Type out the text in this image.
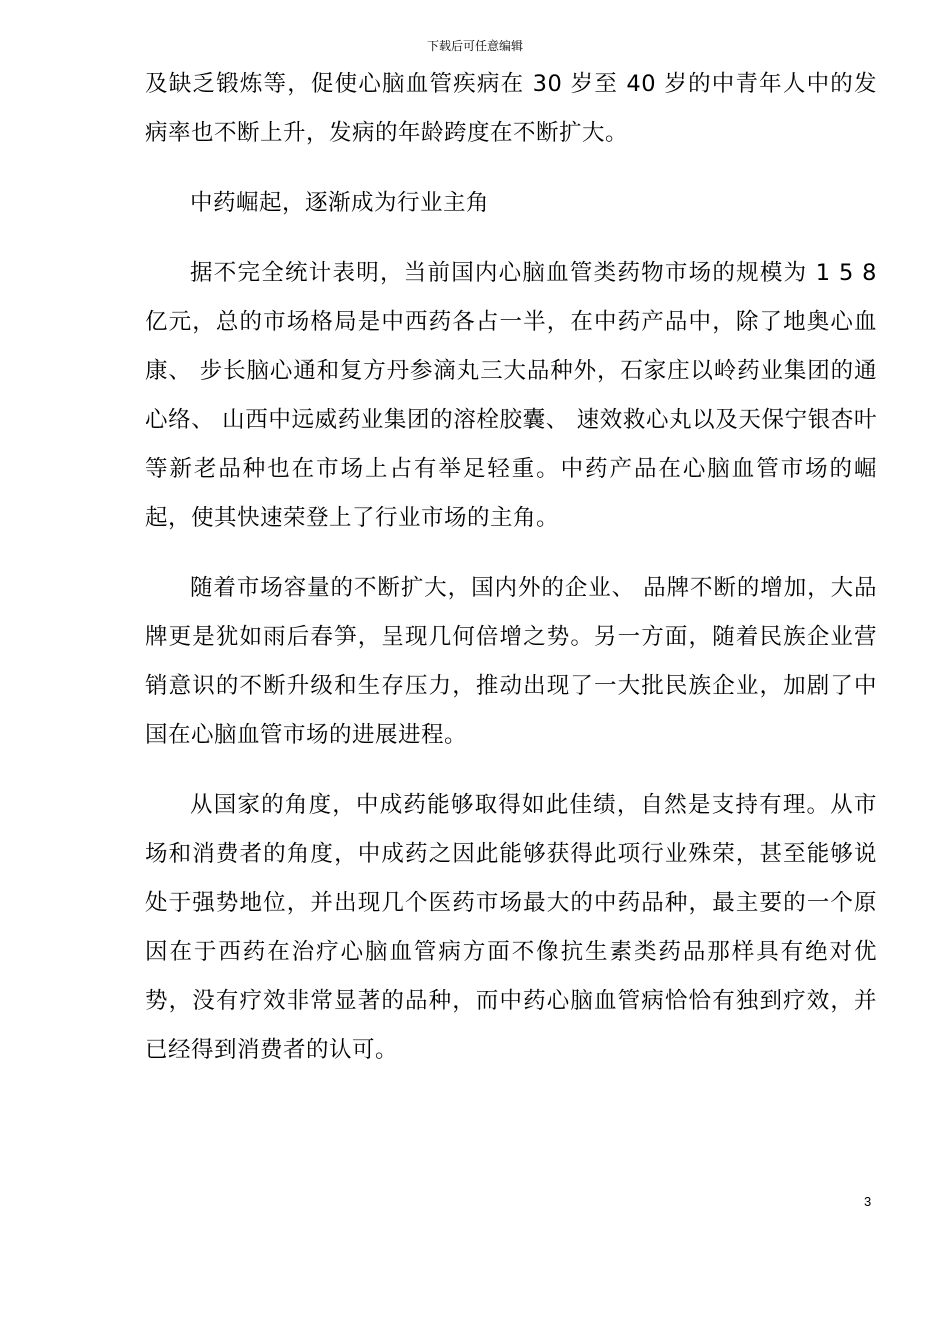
下载后可任意编辑

及缺乏锻炼等，促使心脑血管疾病在 30 岁至 40 岁的中青年人中的发病率也不断上升，发病的年龄跨度在不断扩大。

中药崛起，逐渐成为行业主角

据不完全统计表明，当前国内心脑血管类药物市场的规模为 1 5 8 亿元，总的市场格局是中西药各占一半，在中药产品中，除了地奥心血康、 步长脑心通和复方丹参滴丸三大品种外，石家庄以岭药业集团的通心络、 山西中远威药业集团的溶栓胶囊、 速效救心丸以及天保宁银杏叶等新老品种也在市场上占有举足轻重。中药产品在心脑血管市场的崛起，使其快速荣登上了行业市场的主角。

随着市场容量的不断扩大，国内外的企业、 品牌不断的增加，大品牌更是犹如雨后春笋，呈现几何倍增之势。另一方面，随着民族企业营销意识的不断升级和生存压力，推动出现了一大批民族企业，加剧了中国在心脑血管市场的进展进程。

从国家的角度，中成药能够取得如此佳绩，自然是支持有理。从市场和消费者的角度，中成药之因此能够获得此项行业殊荣，甚至能够说处于强势地位，并出现几个医药市场最大的中药品种，最主要的一个原因在于西药在治疗心脑血管病方面不像抗生素类药品那样具有绝对优势，没有疗效非常显著的品种，而中药心脑血管病恰恰有独到疗效，并已经得到消费者的认可。

3
